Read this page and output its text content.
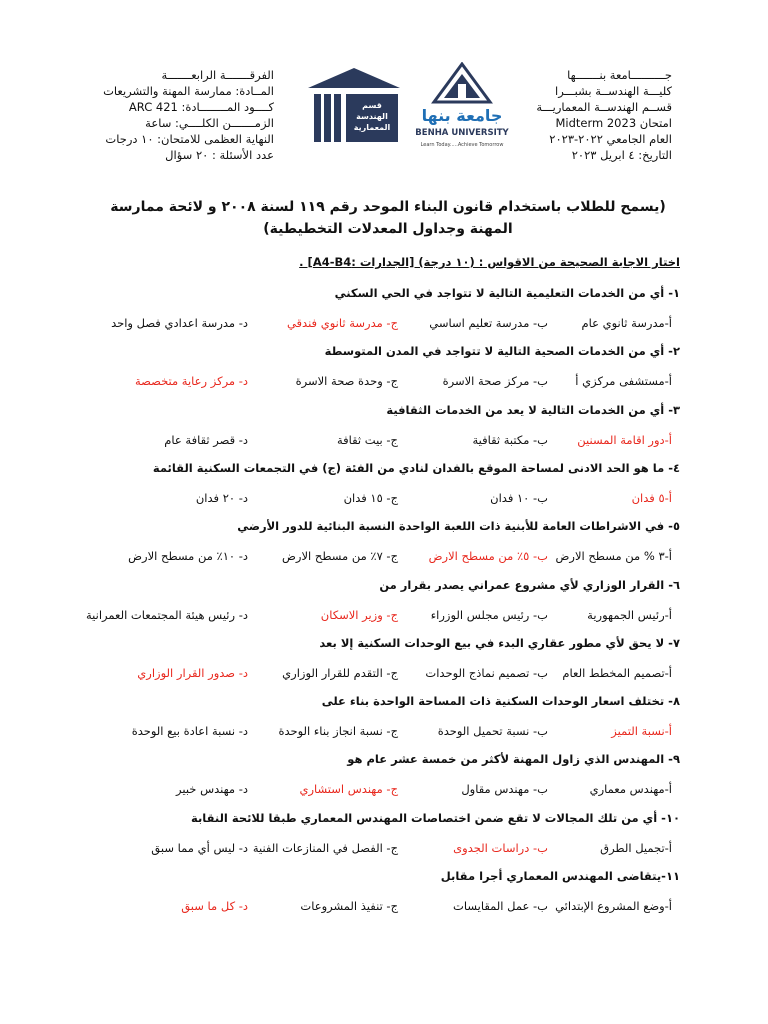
جــــــــــامعة بنـــــــها
كليـــة الهندســة بشبـــرا
قســم الهندســة المعماريـــة
امتحان Midterm 2023
العام الجامعي ٢٠٢٢-٢٠٢٣
التاريخ: ٤ ابريل ٢٠٢٣
الفرقـــــــة الرابعـــــــة
المــادة: ممارسة المهنة والتشريعات
كــــود المــــــــادة: ARC 421
الزمـــــــن الكلــــي: ساعة
النهاية العظمى للامتحان: ١٠ درجات
عدد الأسئلة : ٢٠ سؤال
قسم
الهندسة
المعمارية
جامعة بنها
BENHA UNIVERSITY
Learn Today.....Achieve Tomorrow
(يسمح للطلاب باستخدام قانون البناء الموحد رقم ١١٩ لسنة ٢٠٠٨ و لائحة ممارسة المهنة وجداول المعدلات التخطيطية)
اختار الاجابة الصحيحة من الاقواس : (١٠ درجة) [الجدارات :A4-B4] .
١- أي من الخدمات التعليمية التالية لا تتواجد في الحي السكني
أ-مدرسة ثانوي عام
ب- مدرسة تعليم اساسي
ج- مدرسة ثانوي فندقي
د- مدرسة اعدادي فصل واحد
٢- أي من الخدمات الصحية التالية لا تتواجد في المدن المتوسطة
أ-مستشفى مركزي أ
ب- مركز صحة الاسرة
ج- وحدة صحة الاسرة
د- مركز رعاية متخصصة
٣- أي من الخدمات التالية لا يعد من الخدمات الثقافية
أ-دور اقامة المسنين
ب- مكتبة ثقافية
ج- بيت ثقافة
د- قصر ثقافة عام
٤- ما هو الحد الادنى لمساحة الموقع بالفدان لنادي من الفئة (ج) في التجمعات السكنية القائمة
أ-٥ فدان
ب- ١٠ فدان
ج- ١٥ فدان
د- ٢٠ فدان
٥- في الاشراطات العامة للأبنية ذات اللعبة الواحدة النسبة البنائية للدور الأرضي
أ-٣ % من مسطح الارض
ب- ٥٪ من مسطح الارض
ج- ٧٪ من مسطح الارض
د- ١٠٪ من مسطح الارض
٦- القرار الوزاري لأي مشروع عمراني يصدر بقرار من
أ-رئيس الجمهورية
ب- رئيس مجلس الوزراء
ج- وزير الاسكان
د- رئيس هيئة المجتمعات العمرانية
٧- لا يحق لأي مطور عقاري البدء في بيع الوحدات السكنية إلا بعد
أ-تصميم المخطط العام
ب- تصميم نماذج الوحدات
ج- التقدم للقرار الوزاري
د- صدور القرار الوزاري
٨- تختلف اسعار الوحدات السكنية ذات المساحة الواحدة بناء على
أ-نسبة التميز
ب- نسبة تحميل الوحدة
ج- نسبة انجاز بناء الوحدة
د- نسبة اعادة بيع الوحدة
٩- المهندس الذي زاول المهنة لأكثر من خمسة عشر عام هو
أ-مهندس معماري
ب- مهندس مقاول
ج- مهندس استشاري
د- مهندس خبير
١٠- أي من تلك المجالات لا تقع ضمن اختصاصات المهندس المعماري طبقا للائحة النقابة
أ-تجميل الطرق
ب- دراسات الجدوى
ج- الفصل في المنازعات الفنية
د- ليس أي مما سبق
١١-يتقاضى المهندس المعماري أجرا مقابل
أ-وضع المشروع الإبتدائي
ب- عمل المقايسات
ج- تنفيذ المشروعات
د- كل ما سبق
